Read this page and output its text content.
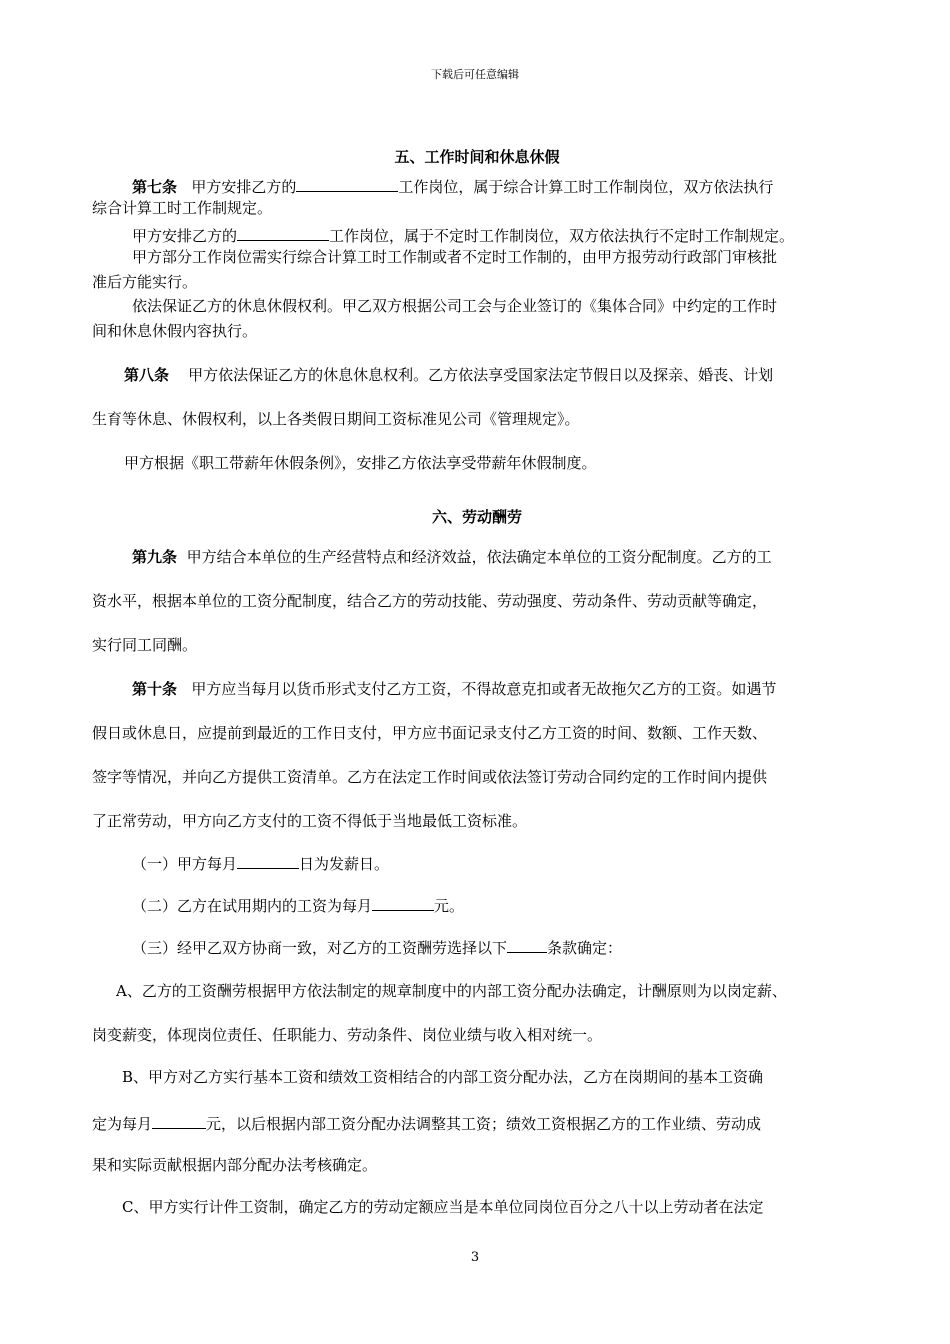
下载后可任意编辑
五、工作时间和休息休假
第七条 甲方安排乙方的	工作岗位，属于综合计算工时工作制岗位，双方依法执行
综合计算工时工作制规定。
甲方安排乙方的	工作岗位，属于不定时工作制岗位，双方依法执行不定时工作制规定。
甲方部分工作岗位需实行综合计算工时工作制或者不定时工作制的，由甲方报劳动行政部门审核批
准后方能实行。
依法保证乙方的休息休假权利。甲乙双方根据公司工会与企业签订的《集体合同》中约定的工作时
间和休息休假内容执行。
第八条 甲方依法保证乙方的休息休息权利。乙方依法享受国家法定节假日以及探亲、婚丧、计划
生育等休息、休假权利，以上各类假日期间工资标准见公司《管理规定》。
甲方根据《职工带薪年休假条例》，安排乙方依法享受带薪年休假制度。
六、劳动酬劳
第九条 甲方结合本单位的生产经营特点和经济效益，依法确定本单位的工资分配制度。乙方的工
资水平，根据本单位的工资分配制度，结合乙方的劳动技能、劳动强度、劳动条件、劳动贡献等确定，
实行同工同酬。
第十条 甲方应当每月以货币形式支付乙方工资，不得故意克扣或者无故拖欠乙方的工资。如遇节
假日或休息日，应提前到最近的工作日支付，甲方应书面记录支付乙方工资的时间、数额、工作天数、
签字等情况，并向乙方提供工资清单。乙方在法定工作时间或依法签订劳动合同约定的工作时间内提供
了正常劳动，甲方向乙方支付的工资不得低于当地最低工资标准。
（一）甲方每月	日为发薪日。
（二）乙方在试用期内的工资为每月	元。
（三）经甲乙双方协商一致，对乙方的工资酬劳选择以下	条款确定：
A、乙方的工资酬劳根据甲方依法制定的规章制度中的内部工资分配办法确定，计酬原则为以岗定薪、
岗变薪变，体现岗位责任、任职能力、劳动条件、岗位业绩与收入相对统一。
B、甲方对乙方实行基本工资和绩效工资相结合的内部工资分配办法，乙方在岗期间的基本工资确
定为每月	元，以后根据内部工资分配办法调整其工资；绩效工资根据乙方的工作业绩、劳动成
果和实际贡献根据内部分配办法考核确定。
C、甲方实行计件工资制，确定乙方的劳动定额应当是本单位同岗位百分之八十以上劳动者在法定
3
